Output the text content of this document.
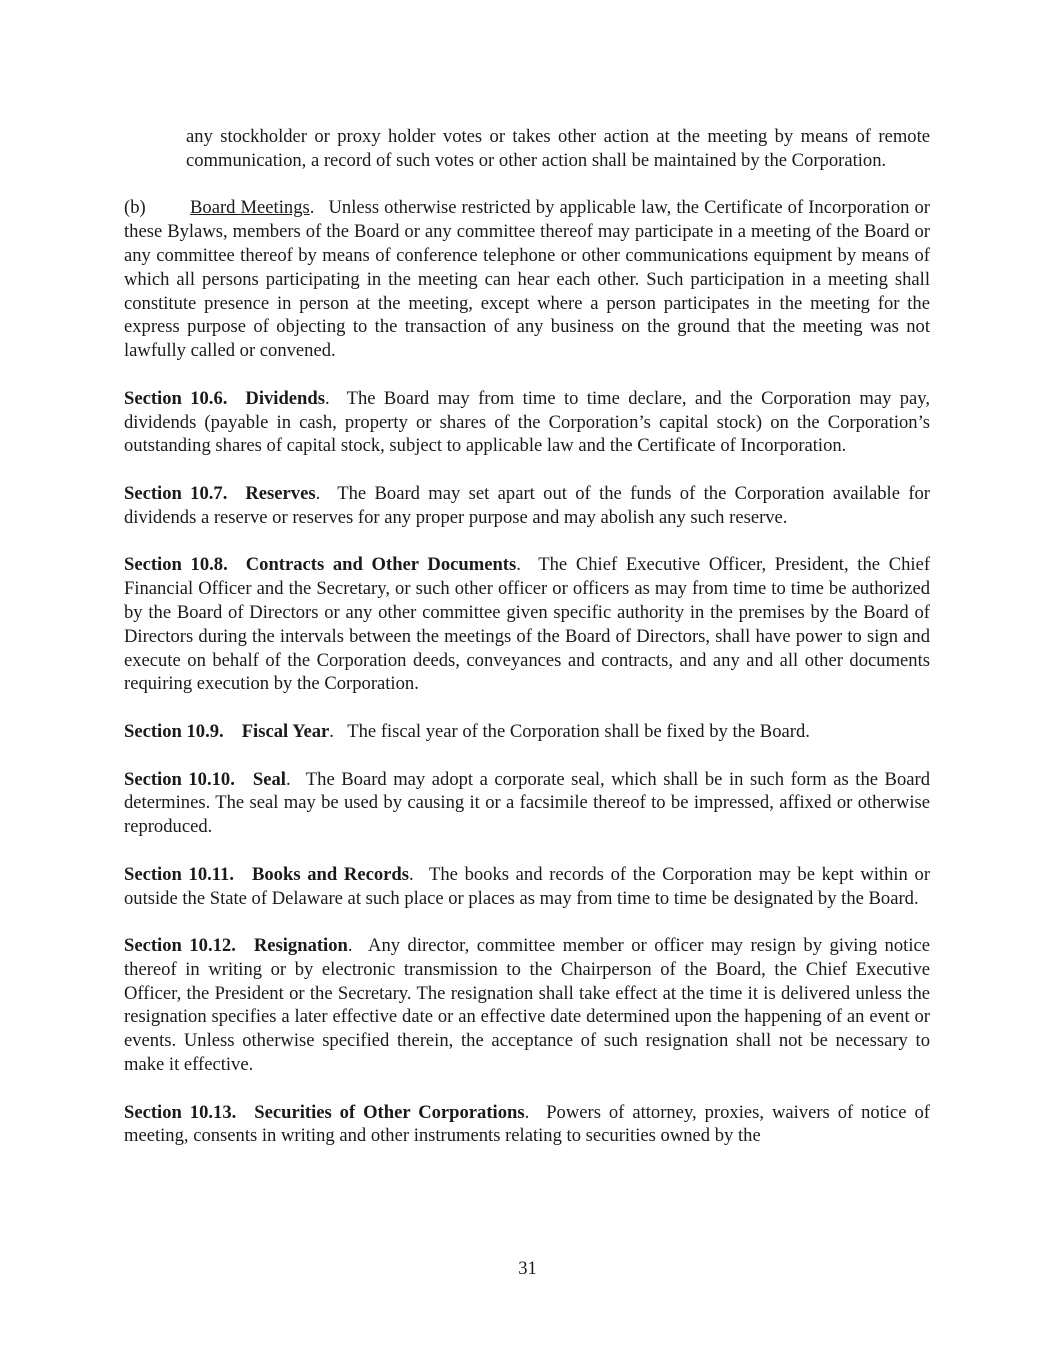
any stockholder or proxy holder votes or takes other action at the meeting by means of remote communication, a record of such votes or other action shall be maintained by the Corporation.

(b) Board Meetings. Unless otherwise restricted by applicable law, the Certificate of Incorporation or these Bylaws, members of the Board or any committee thereof may participate in a meeting of the Board or any committee thereof by means of conference telephone or other communications equipment by means of which all persons participating in the meeting can hear each other. Such participation in a meeting shall constitute presence in person at the meeting, except where a person participates in the meeting for the express purpose of objecting to the transaction of any business on the ground that the meeting was not lawfully called or convened.

Section 10.6. Dividends. The Board may from time to time declare, and the Corporation may pay, dividends (payable in cash, property or shares of the Corporation’s capital stock) on the Corporation’s outstanding shares of capital stock, subject to applicable law and the Certificate of Incorporation.

Section 10.7. Reserves. The Board may set apart out of the funds of the Corporation available for dividends a reserve or reserves for any proper purpose and may abolish any such reserve.

Section 10.8. Contracts and Other Documents. The Chief Executive Officer, President, the Chief Financial Officer and the Secretary, or such other officer or officers as may from time to time be authorized by the Board of Directors or any other committee given specific authority in the premises by the Board of Directors during the intervals between the meetings of the Board of Directors, shall have power to sign and execute on behalf of the Corporation deeds, conveyances and contracts, and any and all other documents requiring execution by the Corporation.

Section 10.9. Fiscal Year. The fiscal year of the Corporation shall be fixed by the Board.

Section 10.10. Seal. The Board may adopt a corporate seal, which shall be in such form as the Board determines. The seal may be used by causing it or a facsimile thereof to be impressed, affixed or otherwise reproduced.

Section 10.11. Books and Records. The books and records of the Corporation may be kept within or outside the State of Delaware at such place or places as may from time to time be designated by the Board.

Section 10.12. Resignation. Any director, committee member or officer may resign by giving notice thereof in writing or by electronic transmission to the Chairperson of the Board, the Chief Executive Officer, the President or the Secretary. The resignation shall take effect at the time it is delivered unless the resignation specifies a later effective date or an effective date determined upon the happening of an event or events. Unless otherwise specified therein, the acceptance of such resignation shall not be necessary to make it effective.

Section 10.13. Securities of Other Corporations. Powers of attorney, proxies, waivers of notice of meeting, consents in writing and other instruments relating to securities owned by the

31
